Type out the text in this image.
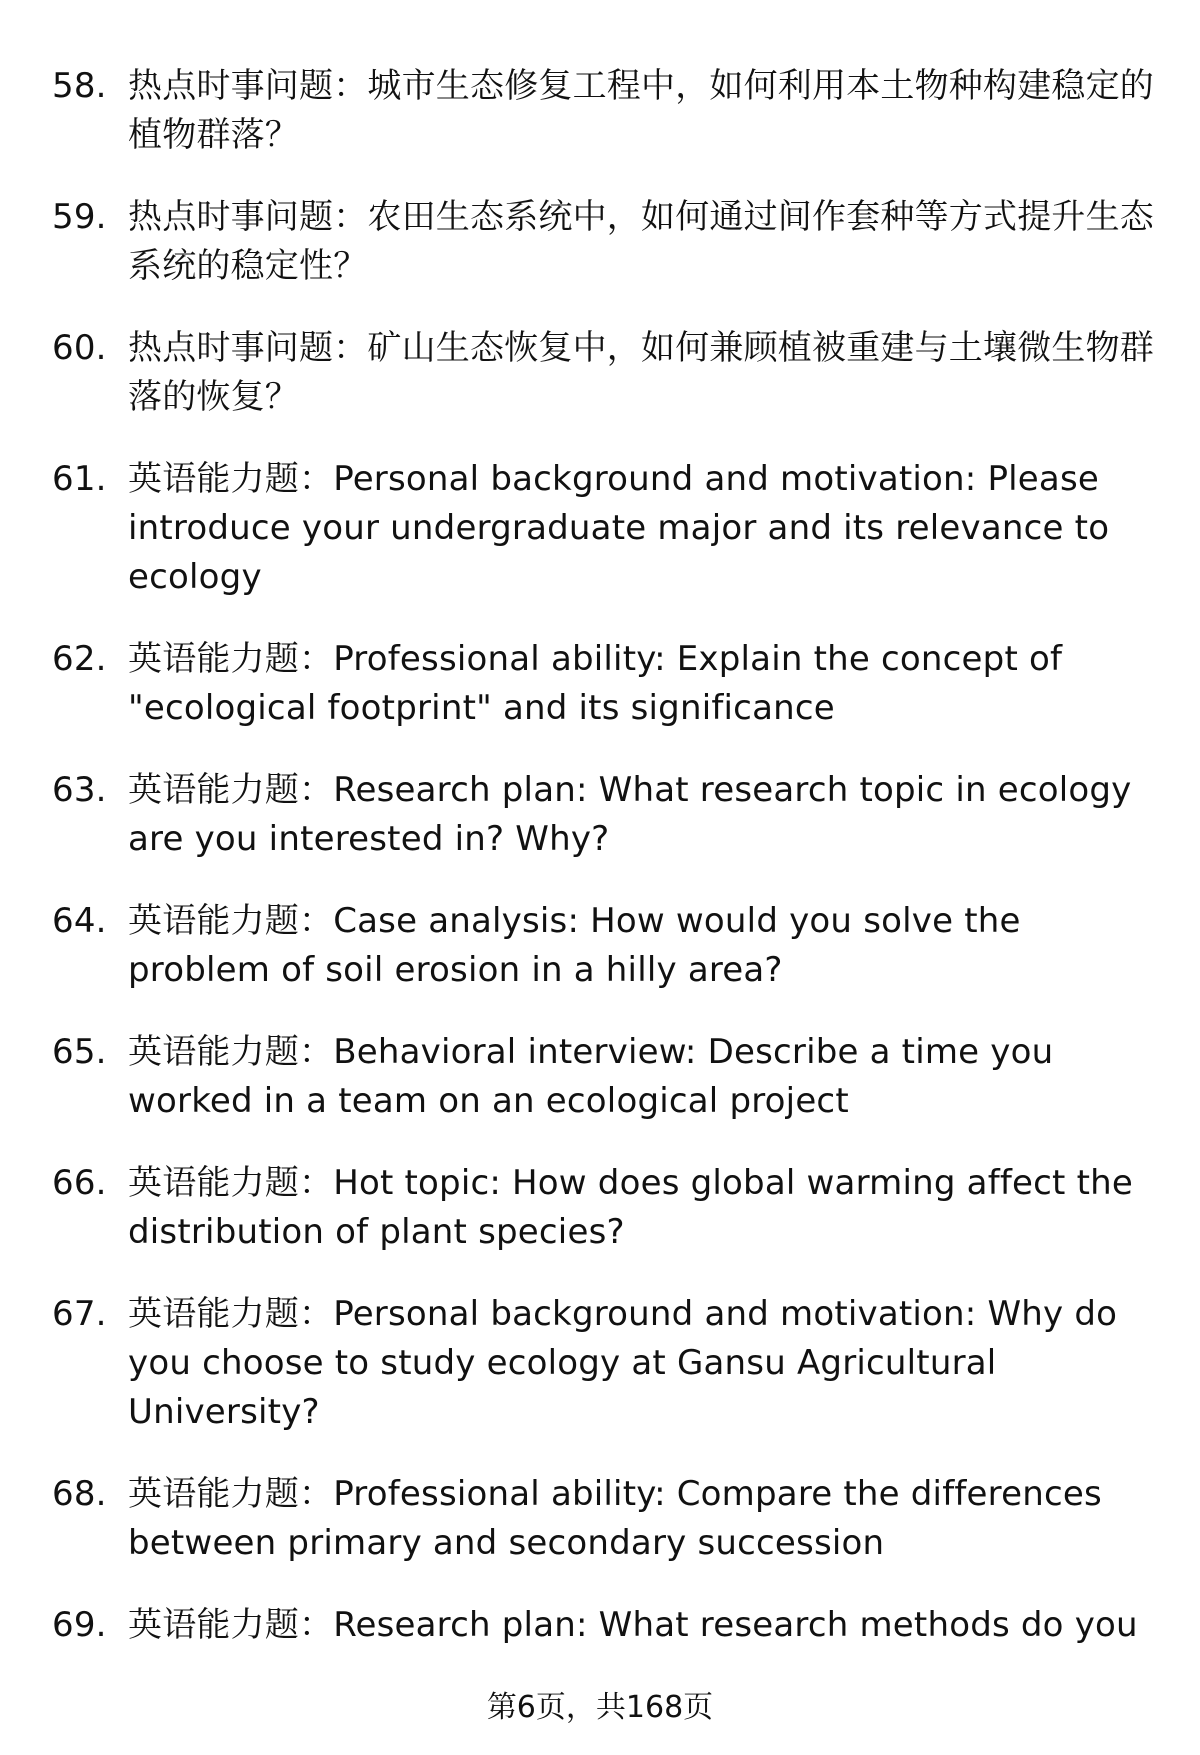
58. 热点时事问题：城市生态修复工程中，如何利用本土物种构建稳定的植物群落？
59. 热点时事问题：农田生态系统中，如何通过间作套种等方式提升生态系统的稳定性？
60. 热点时事问题：矿山生态恢复中，如何兼顾植被重建与土壤微生物群落的恢复？
61. 英语能力题：Personal background and motivation: Please introduce your undergraduate major and its relevance to ecology
62. 英语能力题：Professional ability: Explain the concept of "ecological footprint" and its significance
63. 英语能力题：Research plan: What research topic in ecology are you interested in? Why?
64. 英语能力题：Case analysis: How would you solve the problem of soil erosion in a hilly area?
65. 英语能力题：Behavioral interview: Describe a time you worked in a team on an ecological project
66. 英语能力题：Hot topic: How does global warming affect the distribution of plant species?
67. 英语能力题：Personal background and motivation: Why do you choose to study ecology at Gansu Agricultural University?
68. 英语能力题：Professional ability: Compare the differences between primary and secondary succession
69. 英语能力题：Research plan: What research methods do you
第6页，共168页
